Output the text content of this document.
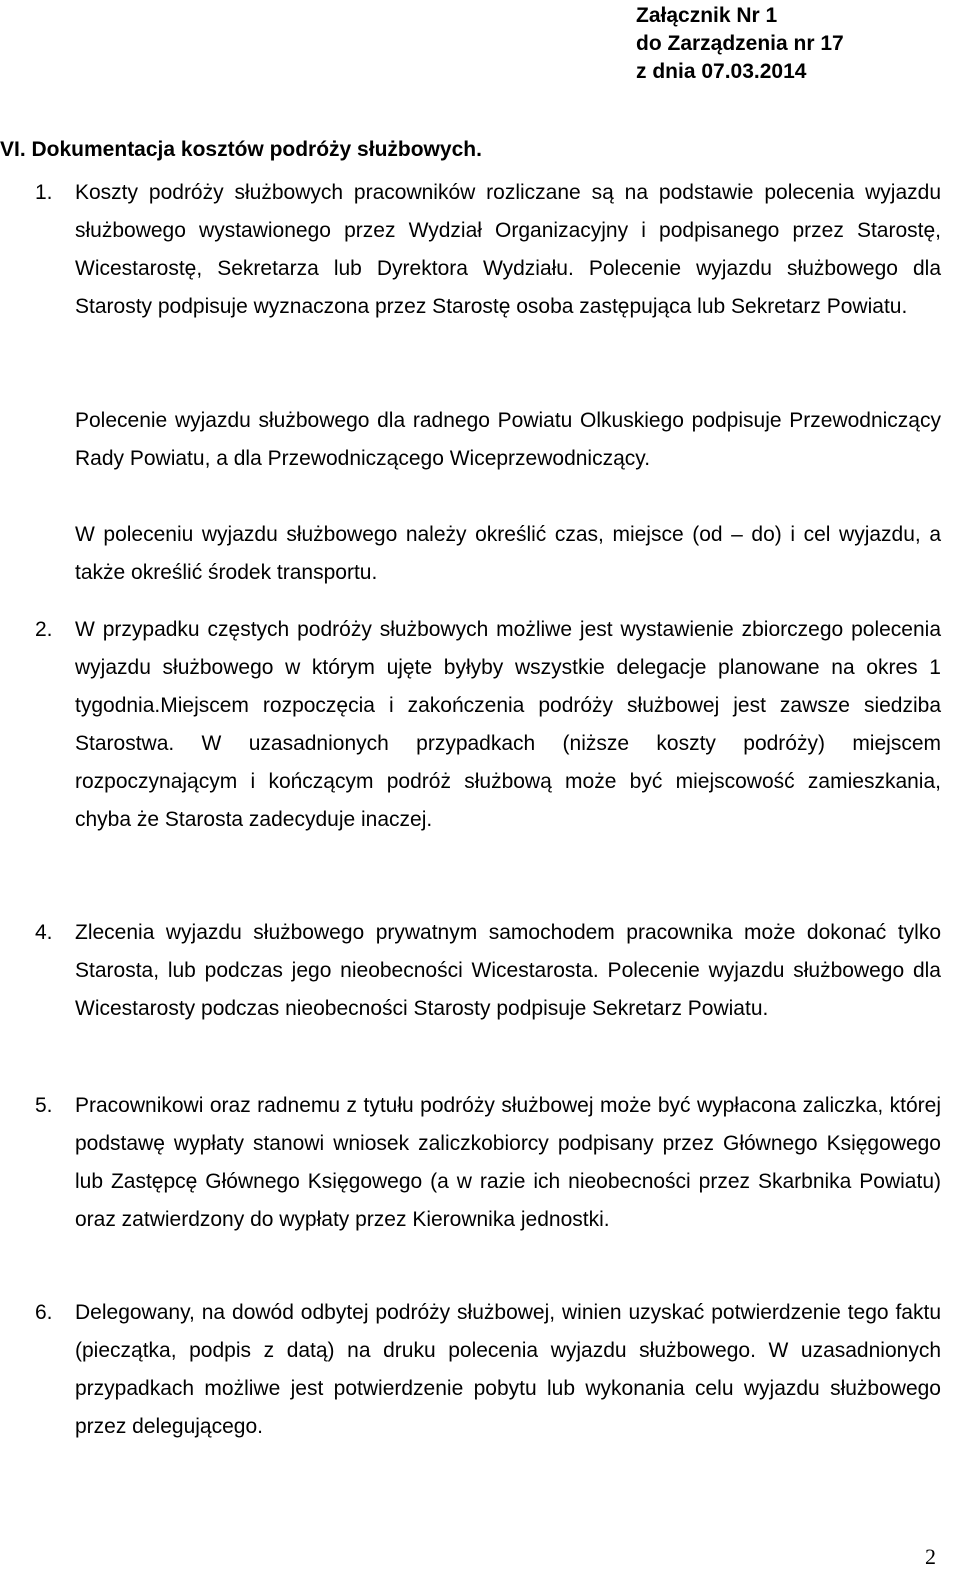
Załącznik Nr 1
do Zarządzenia nr 17
z dnia 07.03.2014
VI. Dokumentacja kosztów podróży służbowych.
1.	Koszty podróży służbowych pracowników rozliczane są na podstawie polecenia wyjazdu służbowego wystawionego przez Wydział Organizacyjny i podpisanego przez Starostę, Wicestarostę, Sekretarza lub Dyrektora Wydziału. Polecenie wyjazdu służbowego dla Starosty podpisuje wyznaczona przez Starostę osoba zastępująca lub Sekretarz Powiatu.
Polecenie wyjazdu służbowego dla radnego Powiatu Olkuskiego podpisuje Przewodniczący Rady Powiatu, a dla Przewodniczącego Wiceprzewodniczący.
W poleceniu wyjazdu służbowego należy określić czas, miejsce (od – do) i cel wyjazdu, a także określić środek transportu.
2.	W przypadku częstych podróży służbowych możliwe jest wystawienie zbiorczego polecenia wyjazdu służbowego w którym ujęte byłyby wszystkie delegacje planowane na okres 1 tygodnia.Miejscem rozpoczęcia i zakończenia podróży służbowej jest zawsze siedziba Starostwa. W uzasadnionych przypadkach (niższe koszty podróży) miejscem rozpoczynającym i kończącym podróż służbową może być miejscowość zamieszkania, chyba że Starosta zadecyduje inaczej.
4.	Zlecenia wyjazdu służbowego prywatnym samochodem pracownika może dokonać tylko Starosta, lub podczas jego nieobecności Wicestarosta. Polecenie wyjazdu służbowego dla Wicestarosty podczas nieobecności Starosty podpisuje Sekretarz Powiatu.
5.	Pracownikowi oraz radnemu z tytułu podróży służbowej może być wypłacona zaliczka, której podstawę wypłaty stanowi wniosek zaliczkobiorcy podpisany przez Głównego Księgowego lub Zastępcę Głównego Księgowego (a w razie ich nieobecności przez Skarbnika Powiatu) oraz zatwierdzony do wypłaty przez Kierownika jednostki.
6.	Delegowany, na dowód odbytej podróży służbowej, winien uzyskać potwierdzenie tego faktu (pieczątka, podpis z datą) na druku polecenia wyjazdu służbowego. W uzasadnionych przypadkach możliwe jest potwierdzenie pobytu lub wykonania celu wyjazdu służbowego przez delegującego.
2
